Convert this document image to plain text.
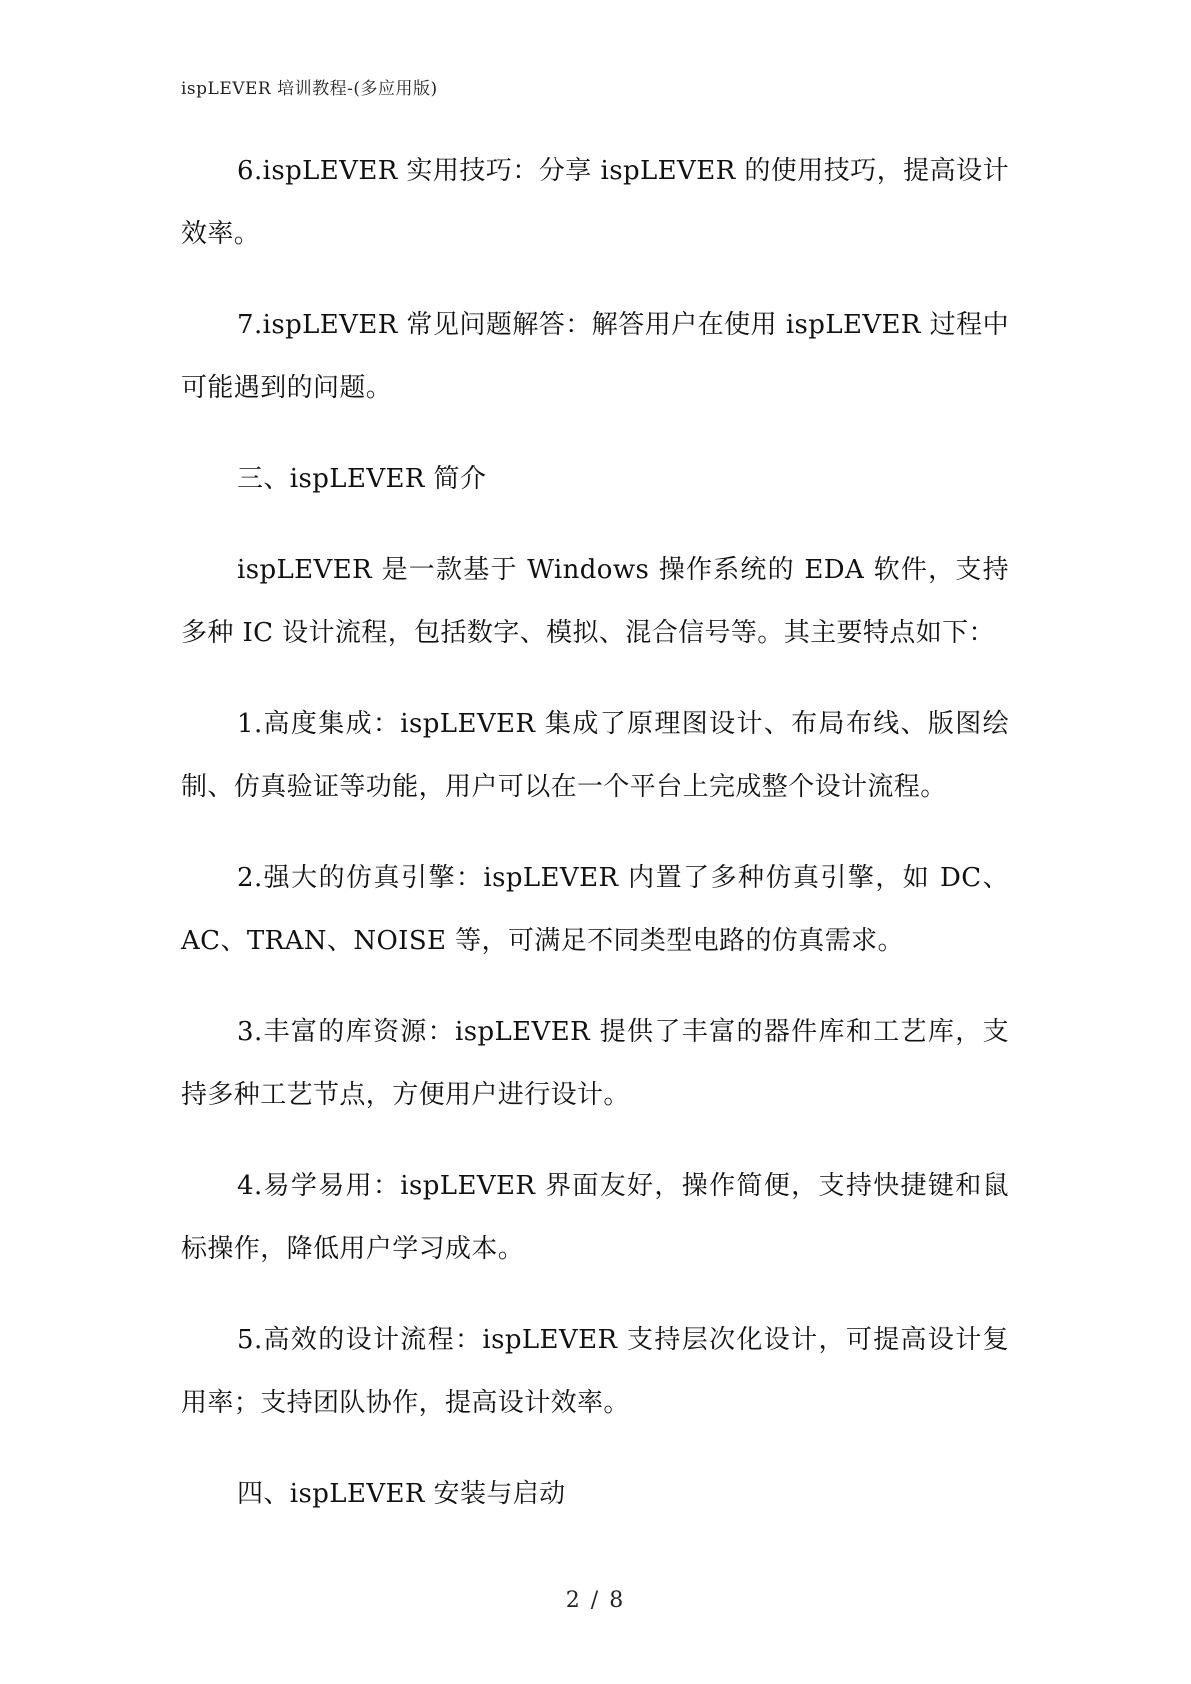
ispLEVER 培训教程-(多应用版)

6.ispLEVER 实用技巧：分享 ispLEVER 的使用技巧，提高设计效率。

7.ispLEVER 常见问题解答：解答用户在使用 ispLEVER 过程中可能遇到的问题。

三、ispLEVER 简介

ispLEVER 是一款基于 Windows 操作系统的 EDA 软件，支持多种 IC 设计流程，包括数字、模拟、混合信号等。其主要特点如下：

1.高度集成：ispLEVER 集成了原理图设计、布局布线、版图绘制、仿真验证等功能，用户可以在一个平台上完成整个设计流程。

2.强大的仿真引擎：ispLEVER 内置了多种仿真引擎，如 DC、AC、TRAN、NOISE 等，可满足不同类型电路的仿真需求。

3.丰富的库资源：ispLEVER 提供了丰富的器件库和工艺库，支持多种工艺节点，方便用户进行设计。

4.易学易用：ispLEVER 界面友好，操作简便，支持快捷键和鼠标操作，降低用户学习成本。

5.高效的设计流程：ispLEVER 支持层次化设计，可提高设计复用率；支持团队协作，提高设计效率。

四、ispLEVER 安装与启动

2 / 8
